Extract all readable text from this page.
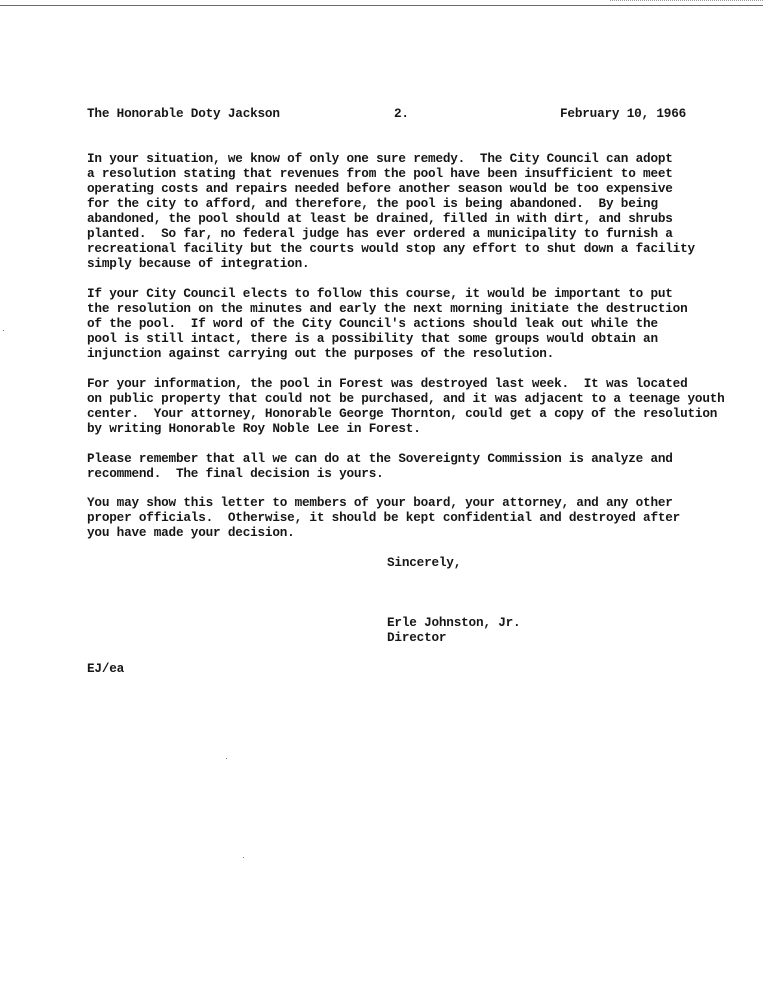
The Honorable Doty Jackson	2.	February 10, 1966
In your situation, we know of only one sure remedy.  The City Council can adopt
a resolution stating that revenues from the pool have been insufficient to meet
operating costs and repairs needed before another season would be too expensive
for the city to afford, and therefore, the pool is being abandoned.  By being
abandoned, the pool should at least be drained, filled in with dirt, and shrubs
planted.  So far, no federal judge has ever ordered a municipality to furnish a
recreational facility but the courts would stop any effort to shut down a facility
simply because of integration.
If your City Council elects to follow this course, it would be important to put
the resolution on the minutes and early the next morning initiate the destruction
of the pool.  If word of the City Council's actions should leak out while the
pool is still intact, there is a possibility that some groups would obtain an
injunction against carrying out the purposes of the resolution.
For your information, the pool in Forest was destroyed last week.  It was located
on public property that could not be purchased, and it was adjacent to a teenage youth
center.  Your attorney, Honorable George Thornton, could get a copy of the resolution
by writing Honorable Roy Noble Lee in Forest.
Please remember that all we can do at the Sovereignty Commission is analyze and
recommend.  The final decision is yours.
You may show this letter to members of your board, your attorney, and any other
proper officials.  Otherwise, it should be kept confidential and destroyed after
you have made your decision.
Sincerely,
Erle Johnston, Jr.
Director
EJ/ea
